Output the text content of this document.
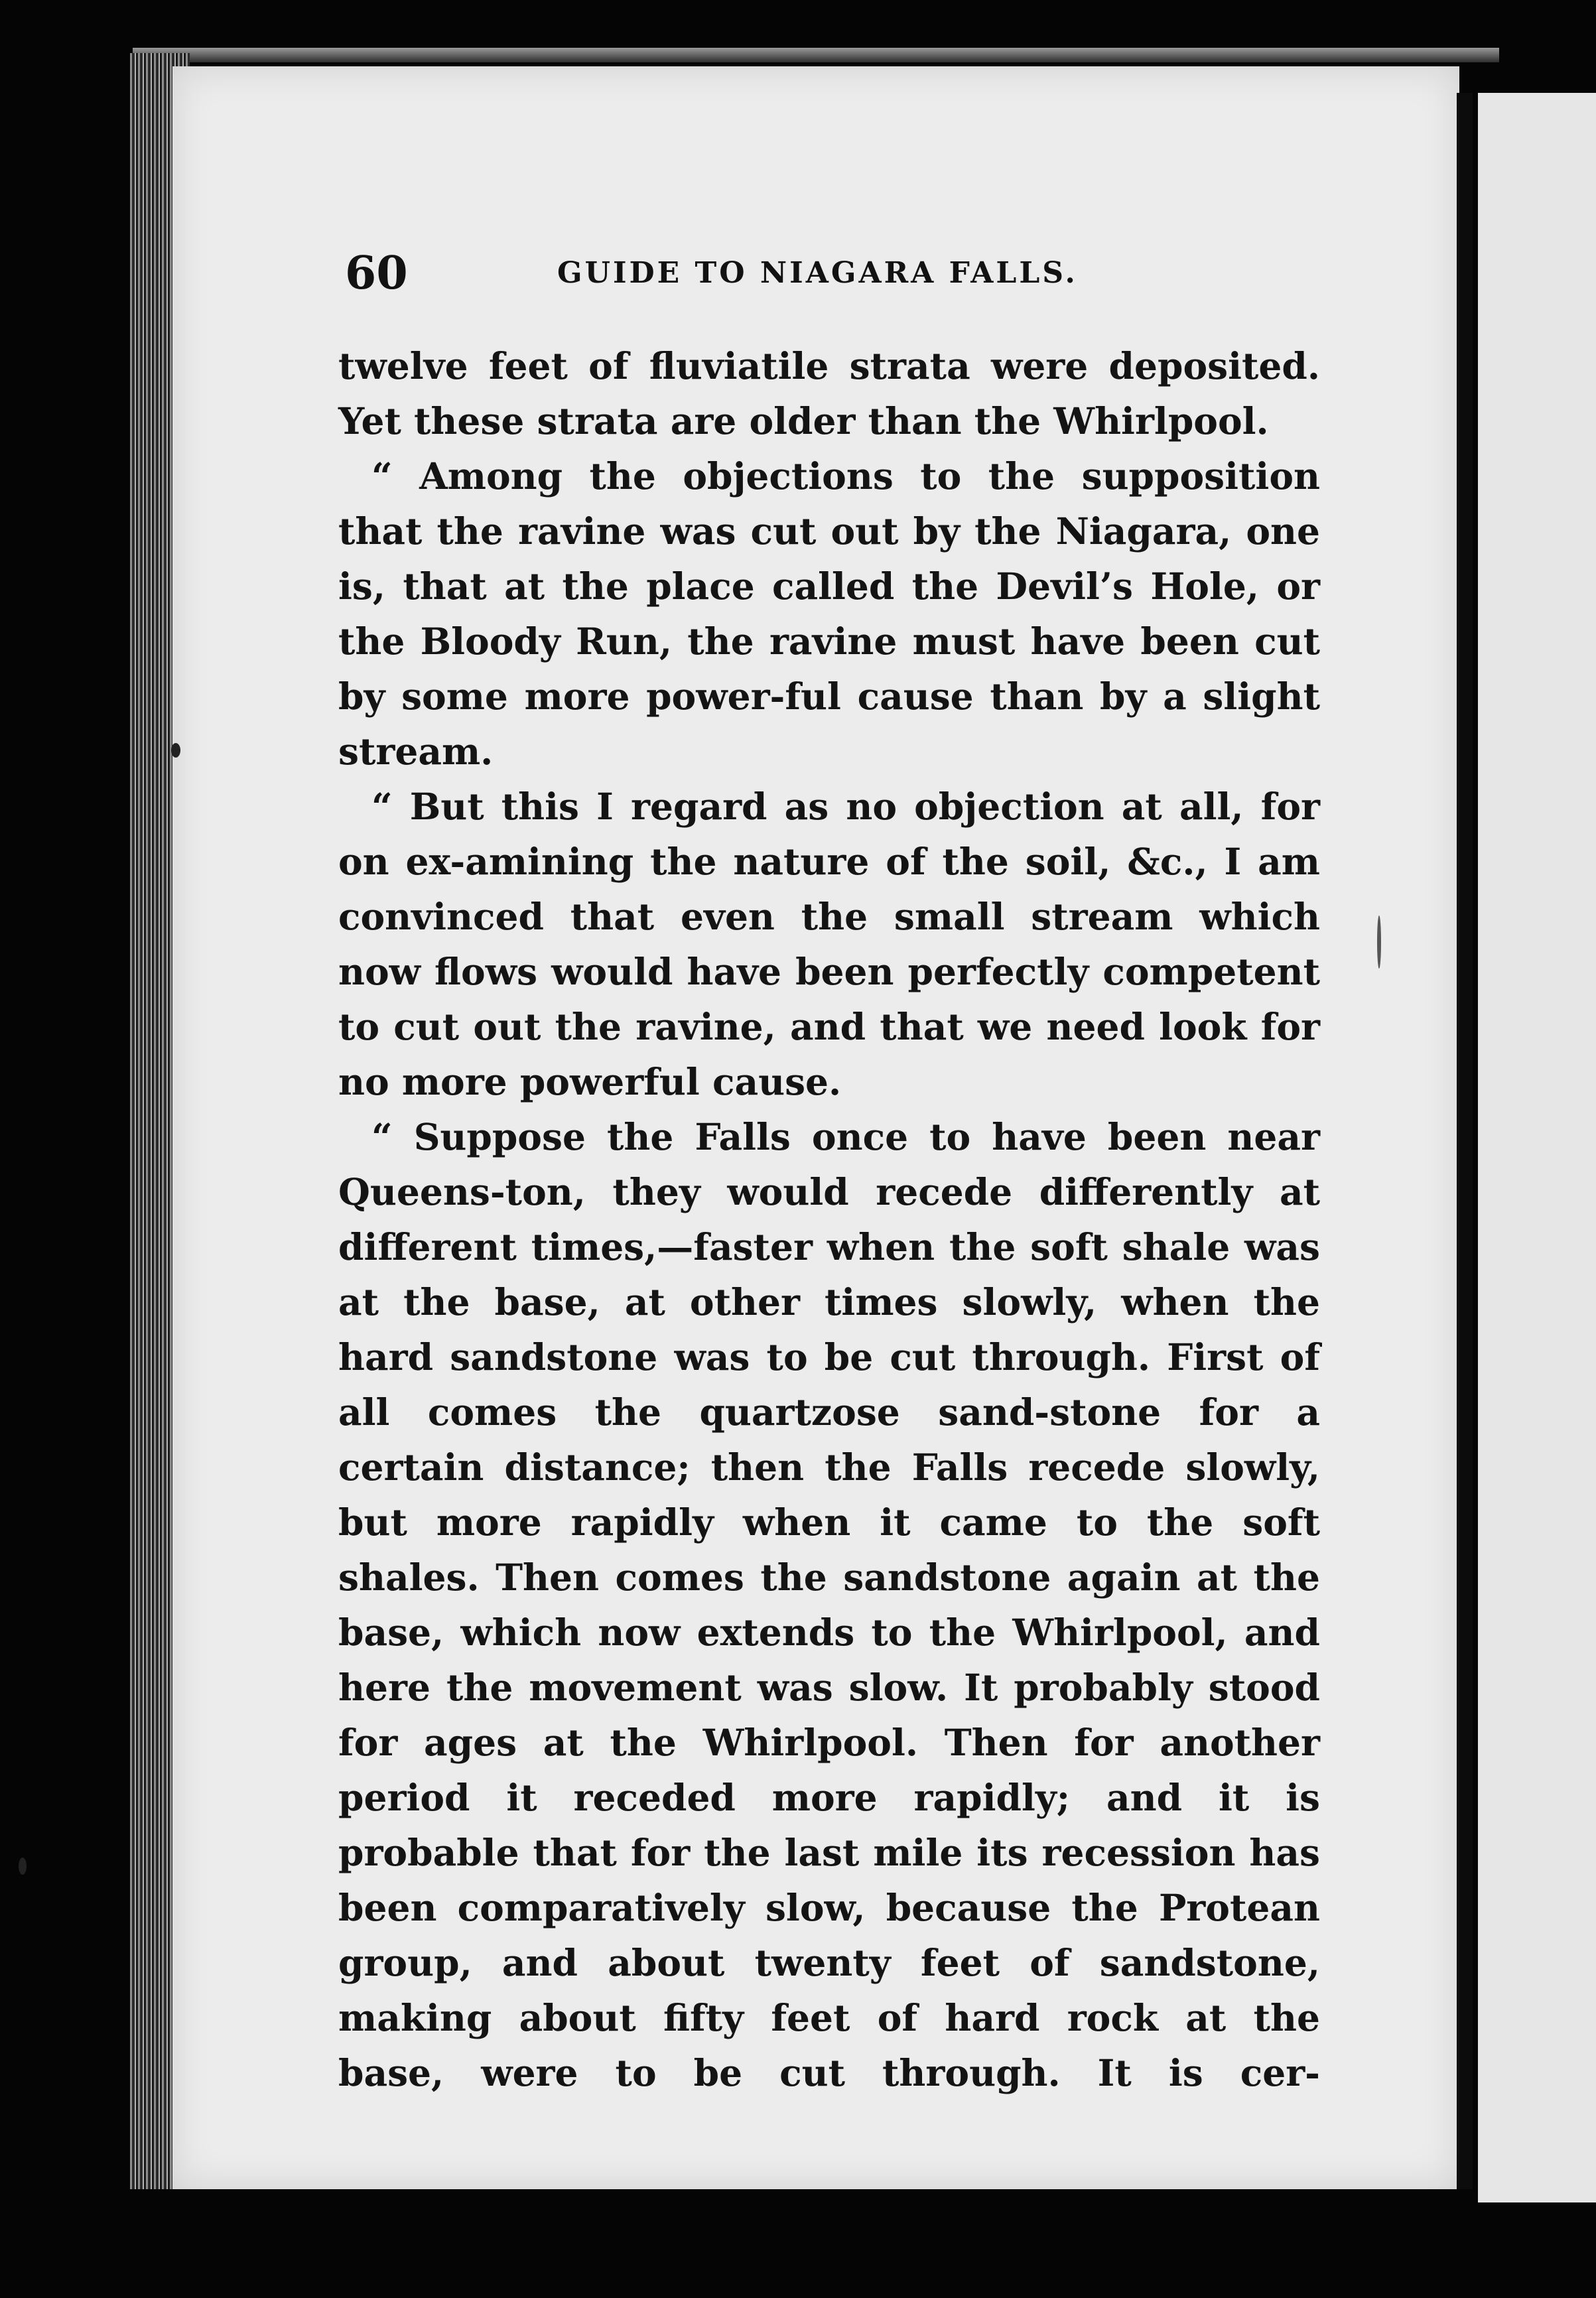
60	GUIDE TO NIAGARA FALLS.

twelve feet of fluviatile strata were deposited. Yet these strata are older than the Whirlpool.

“ Among the objections to the supposition that the ravine was cut out by the Niagara, one is, that at the place called the Devil’s Hole, or the Bloody Run, the ravine must have been cut by some more power-ful cause than by a slight stream.

“ But this I regard as no objection at all, for on ex-amining the nature of the soil, &c., I am convinced that even the small stream which now flows would have been perfectly competent to cut out the ravine, and that we need look for no more powerful cause.

“ Suppose the Falls once to have been near Queens-ton, they would recede differently at different times,—faster when the soft shale was at the base, at other times slowly, when the hard sandstone was to be cut through. First of all comes the quartzose sand-stone for a certain distance; then the Falls recede slowly, but more rapidly when it came to the soft shales. Then comes the sandstone again at the base, which now extends to the Whirlpool, and here the movement was slow. It probably stood for ages at the Whirlpool. Then for another period it receded more rapidly; and it is probable that for the last mile its recession has been comparatively slow, because the Protean group, and about twenty feet of sandstone, making about fifty feet of hard rock at the base, were to be cut through. It is cer-
